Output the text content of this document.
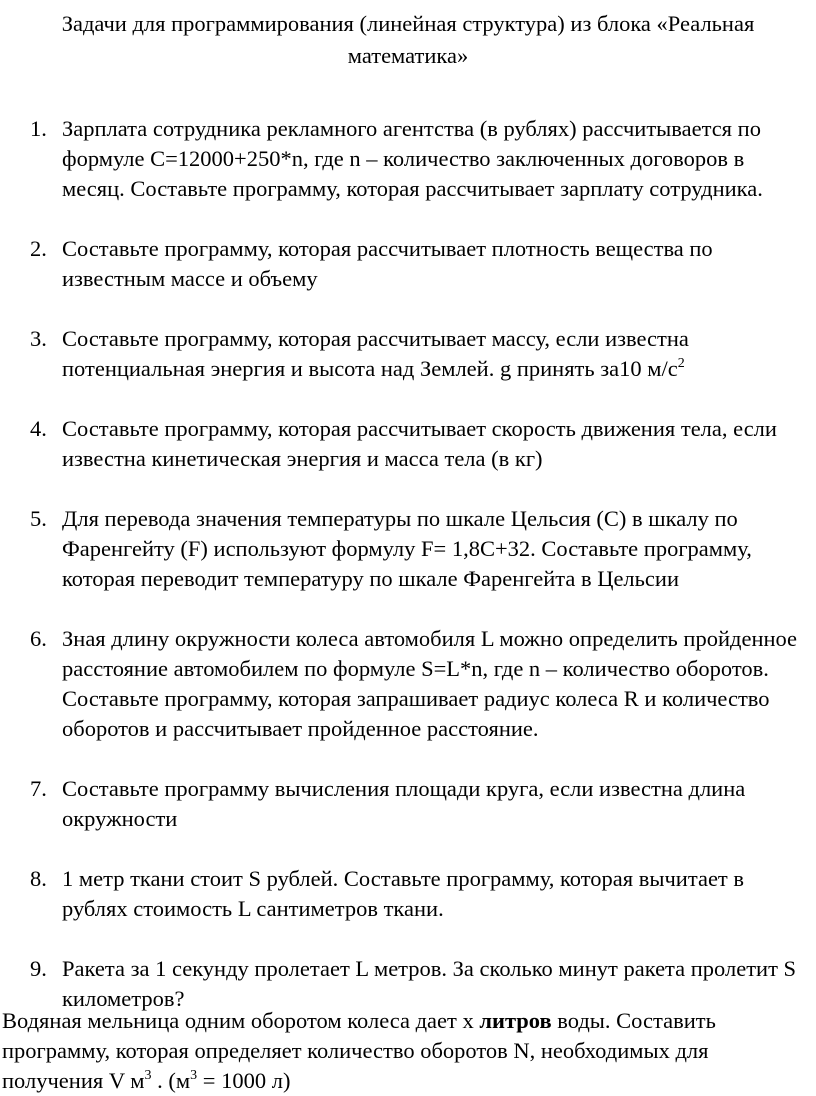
Задачи для программирования (линейная структура) из блока «Реальная
математика»
1. Зарплата сотрудника рекламного агентства (в рублях) рассчитывается по формуле C=12000+250*n, где n – количество заключенных договоров в месяц. Составьте программу, которая рассчитывает зарплату сотрудника.
2. Составьте программу, которая рассчитывает плотность вещества по известным массе и объему
3. Составьте программу, которая рассчитывает массу, если известна потенциальная энергия и высота над Землей. g принять за10 $м/с^2$
4. Составьте программу, которая рассчитывает скорость движения тела, если известна кинетическая энергия и масса тела (в кг)
5. Для перевода значения температуры по шкале Цельсия (С) в шкалу по Фаренгейту (F) используют формулу F= 1,8С+32. Составьте программу, которая переводит температуру по шкале Фаренгейта в Цельсии
6. Зная длину окружности колеса автомобиля L можно определить пройденное расстояние автомобилем по формуле S=L*n, где n – количество оборотов. Составьте программу, которая запрашивает радиус колеса R и количество оборотов и рассчитывает пройденное расстояние.
7. Составьте программу вычисления площади круга, если известна длина окружности
8. 1 метр ткани стоит S рублей. Составьте программу, которая вычитает в рублях стоимость L сантиметров ткани.
9. Ракета за 1 секунду пролетает L метров. За сколько минут ракета пролетит S километров?
Водяная мельница одним оборотом колеса дает x литров воды. Составить программу, которая определяет количество оборотов N, необходимых для получения V $м^3$ . ($м^3 = 1000$ л)
